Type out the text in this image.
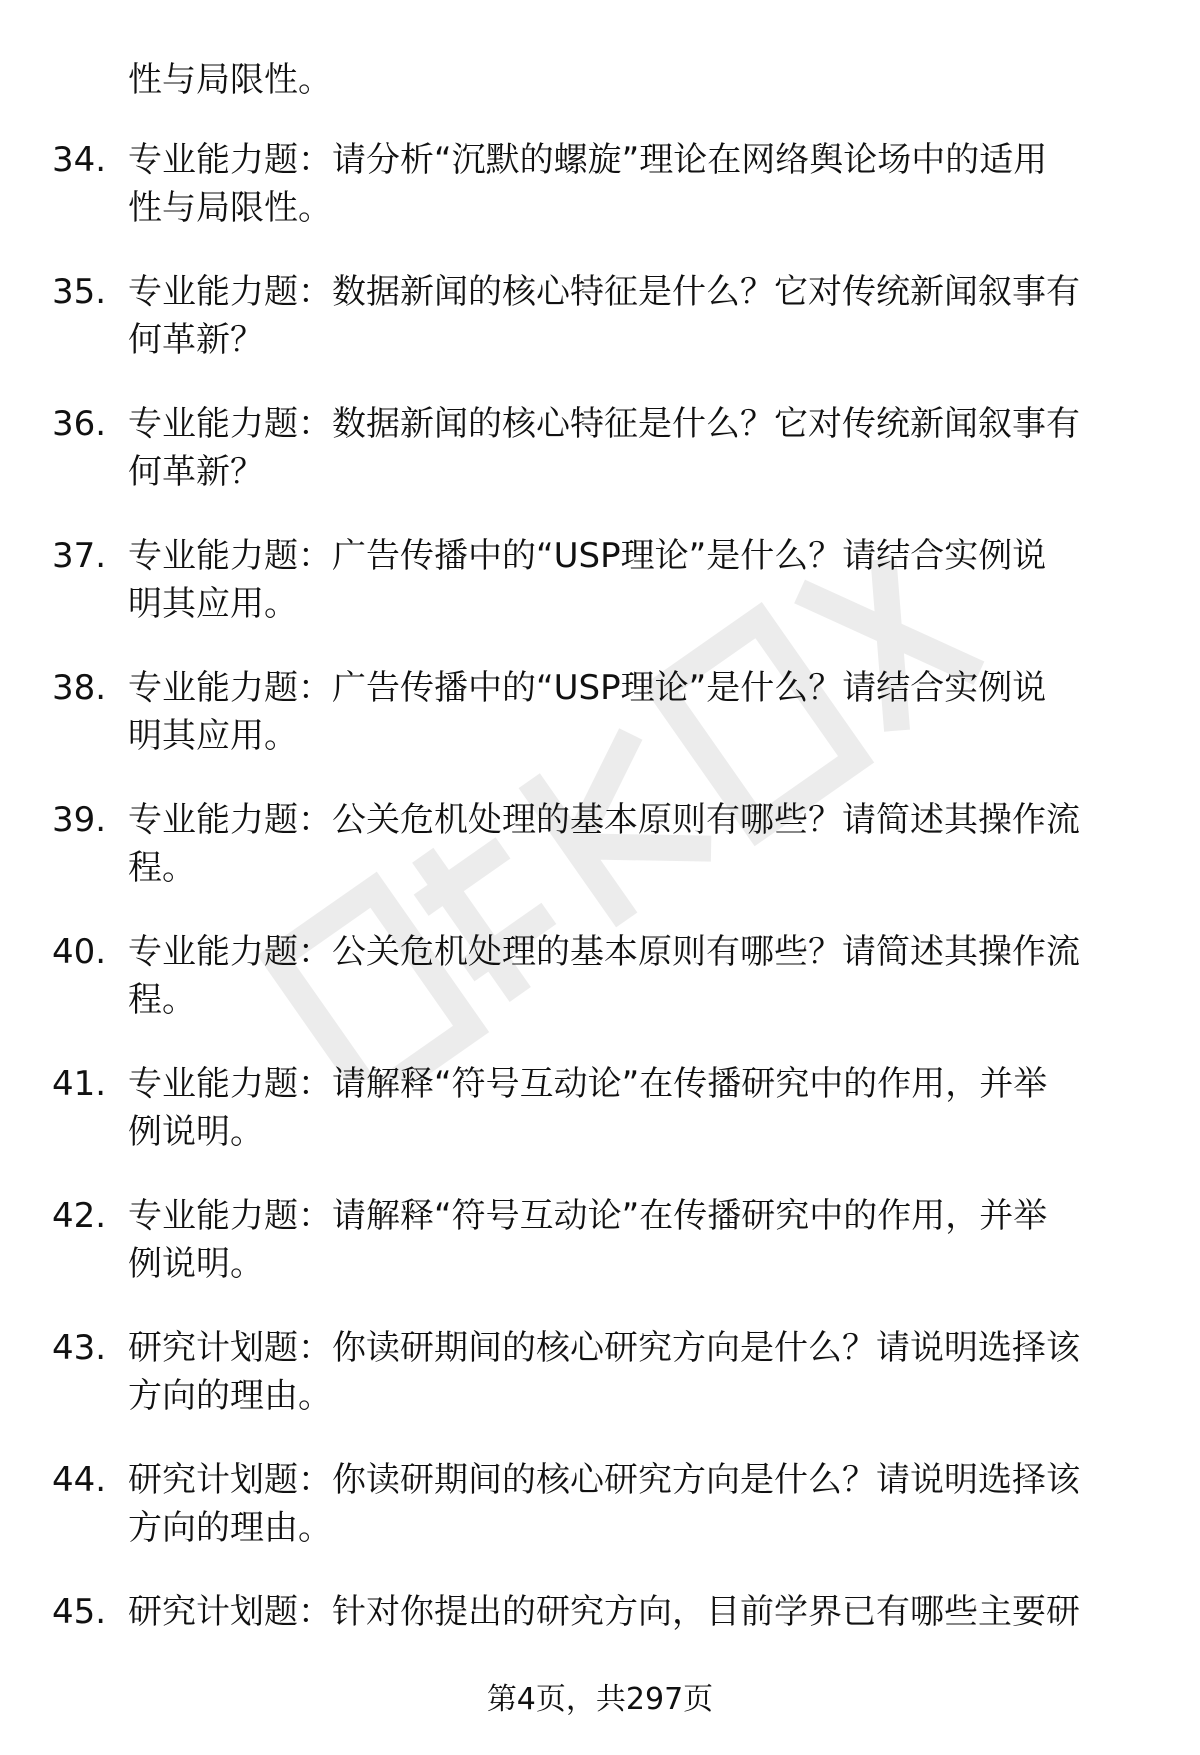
性与局限性。

34. 专业能力题：请分析“沉默的螺旋”理论在网络舆论场中的适用
性与局限性。
35. 专业能力题：数据新闻的核心特征是什么？它对传统新闻叙事有
何革新？
36. 专业能力题：数据新闻的核心特征是什么？它对传统新闻叙事有
何革新？
37. 专业能力题：广告传播中的“USP理论”是什么？请结合实例说
明其应用。
38. 专业能力题：广告传播中的“USP理论”是什么？请结合实例说
明其应用。
39. 专业能力题：公关危机处理的基本原则有哪些？请简述其操作流
程。
40. 专业能力题：公关危机处理的基本原则有哪些？请简述其操作流
程。
41. 专业能力题：请解释“符号互动论”在传播研究中的作用，并举
例说明。
42. 专业能力题：请解释“符号互动论”在传播研究中的作用，并举
例说明。
43. 研究计划题：你读研期间的核心研究方向是什么？请说明选择该
方向的理由。
44. 研究计划题：你读研期间的核心研究方向是什么？请说明选择该
方向的理由。
45. 研究计划题：针对你提出的研究方向，目前学界已有哪些主要研
第4页，共297页
